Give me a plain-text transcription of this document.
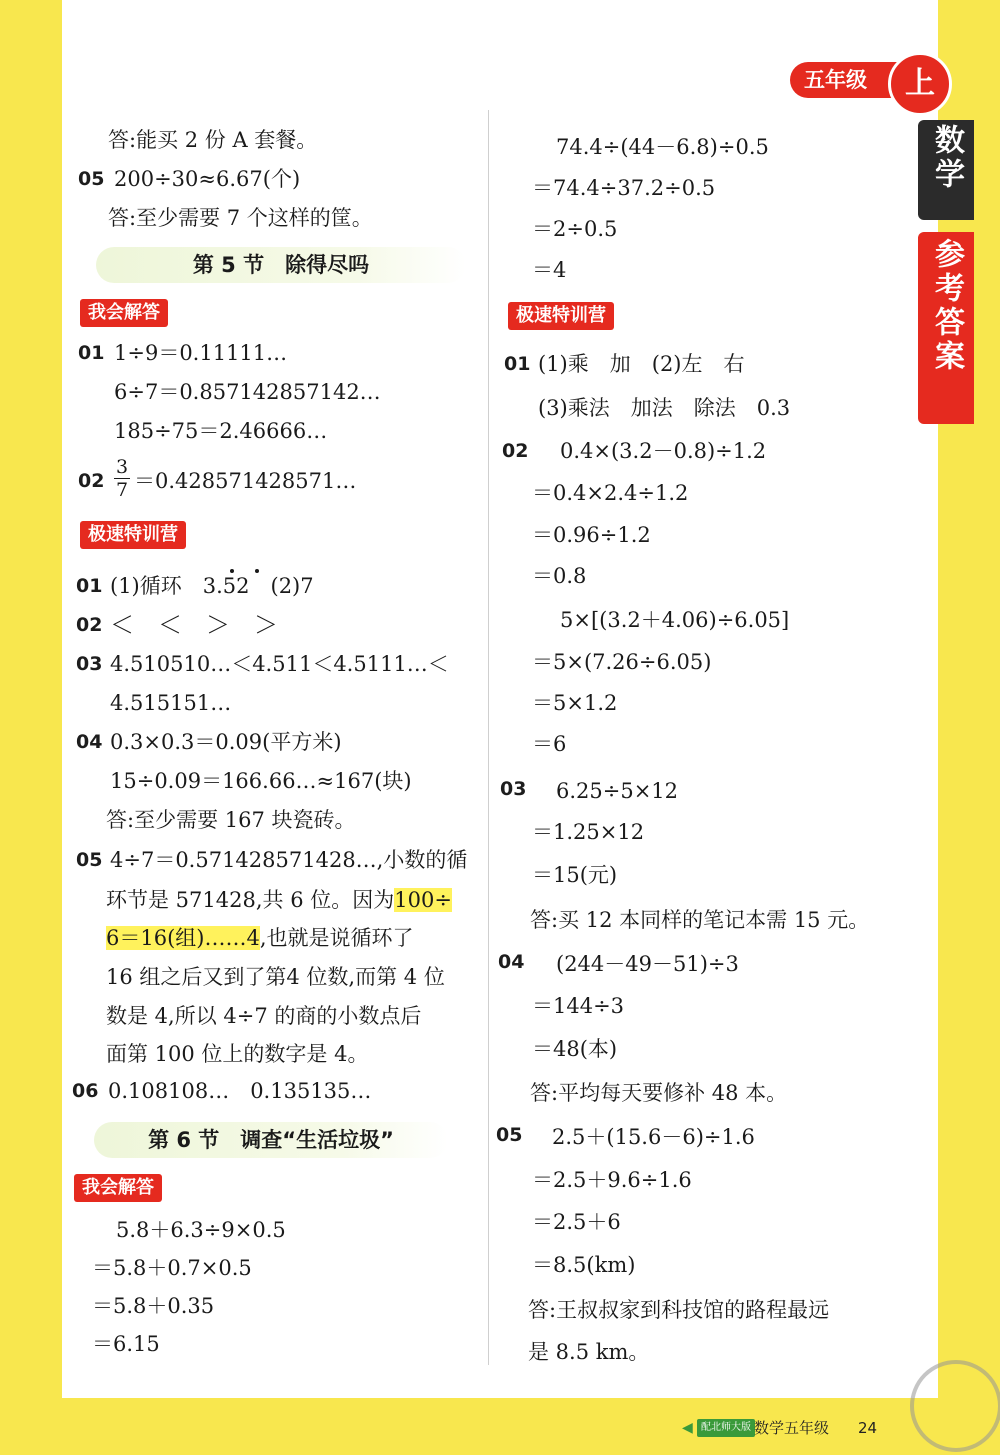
五年级	上
数学
参考答案
答:能买 2 份 A 套餐。
05 200÷30≈6.67(个)
答:至少需要 7 个这样的筐。
第 5 节　除得尽吗
我会解答
01 1÷9＝0.11111…
6÷7＝0.857142857142…
185÷75＝2.46666…
02
3
7 ＝0.428571428571…
极速特训营
01 (1)循环　3.52　(2)7
02 ＜　＜　＞　＞
03 4.510510…＜4.511＜4.5111…＜
4.515151…
04 0.3×0.3＝0.09(平方米)
15÷0.09＝166.66…≈167(块)
答:至少需要 167 块瓷砖。
05 4÷7＝0.571428571428…,小数的循
环节是 571428,共 6 位。因为100÷
6＝16(组)……4,也就是说循环了
16 组之后又到了第4 位数,而第 4 位
数是 4,所以 4÷7 的商的小数点后
面第 100 位上的数字是 4。
06 0.108108…　0.135135…
第 6 节　调查“生活垃圾”
我会解答
5.8＋6.3÷9×0.5
＝5.8＋0.7×0.5
＝5.8＋0.35
＝6.15
74.4÷(44－6.8)÷0.5
＝74.4÷37.2÷0.5
＝2÷0.5
＝4
极速特训营
01 (1)乘　加　(2)左　右
(3)乘法　加法　除法　0.3
02 0.4×(3.2－0.8)÷1.2
＝0.4×2.4÷1.2
＝0.96÷1.2
＝0.8
5×[(3.2＋4.06)÷6.05]
＝5×(7.26÷6.05)
＝5×1.2
＝6
03 6.25÷5×12
＝1.25×12
＝15(元)
答:买 12 本同样的笔记本需 15 元。
04 (244－49－51)÷3
＝144÷3
＝48(本)
答:平均每天要修补 48 本。
05 2.5＋(15.6－6)÷1.6
＝2.5＋9.6÷1.6
＝2.5＋6
＝8.5(km)
答:王叔叔家到科技馆的路程最远
是 8.5 km。
◀ 配北师大版 数学五年级 24
